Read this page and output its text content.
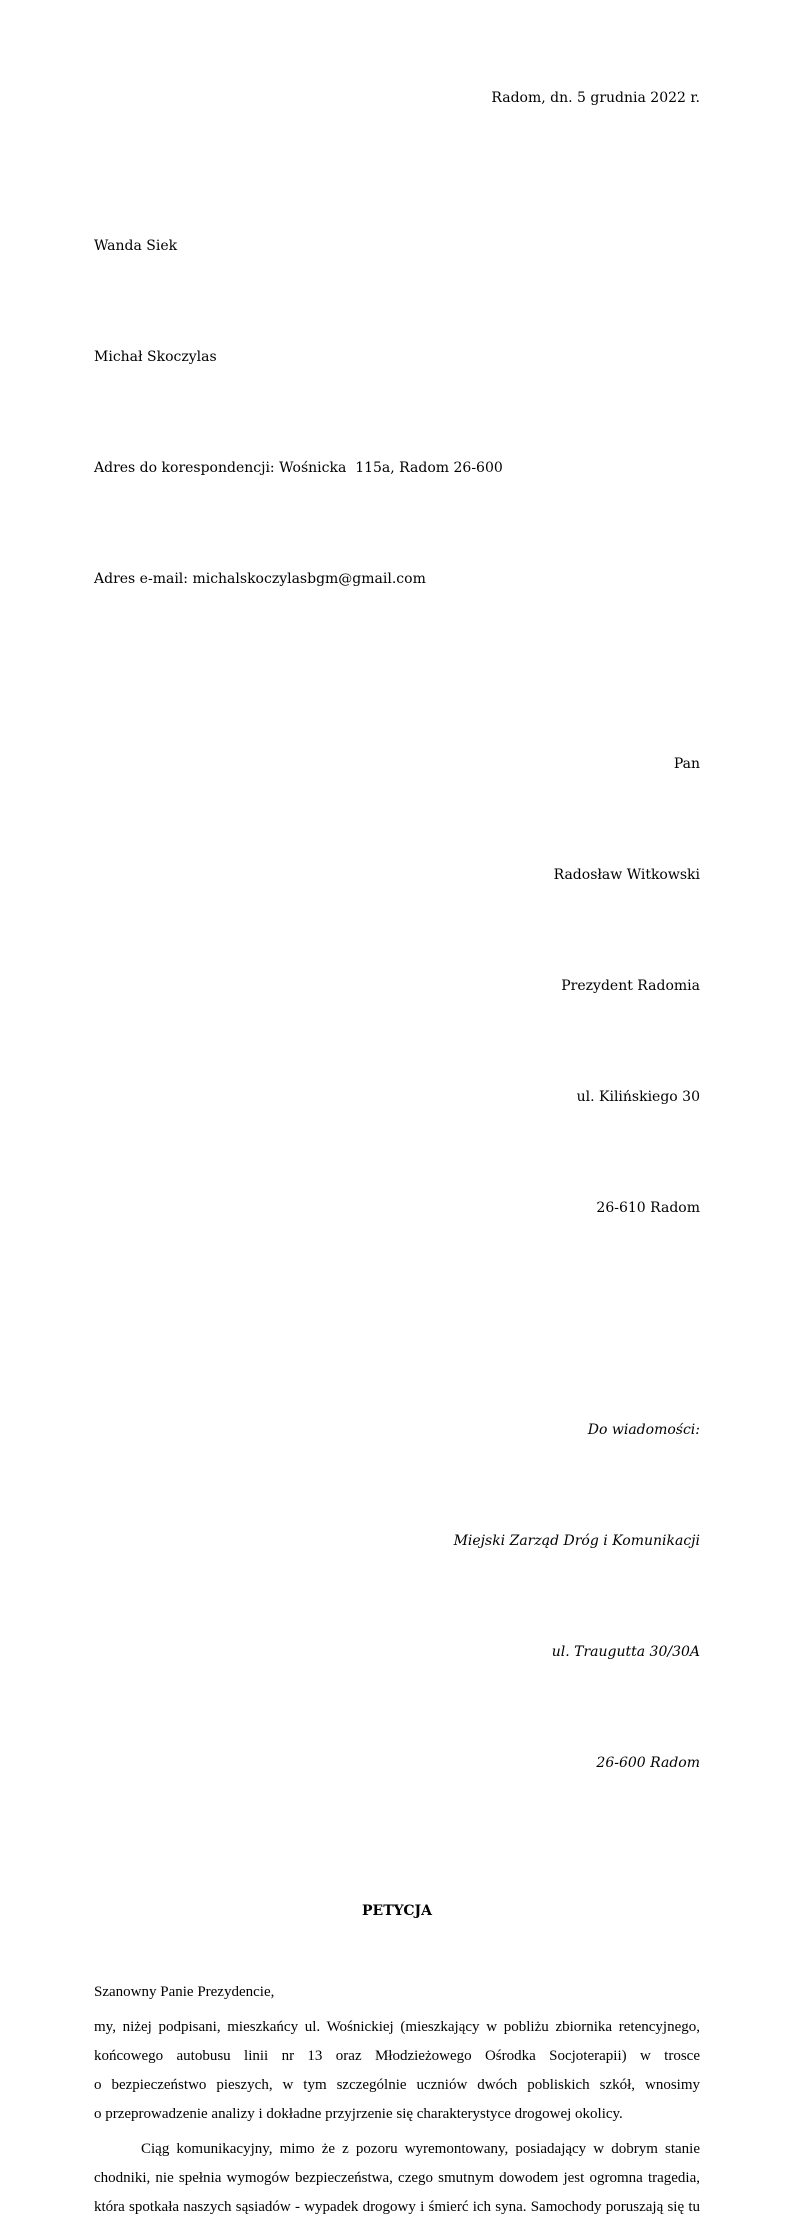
Radom, dn. 5 grudnia 2022 r.

Wanda Siek

Michał Skoczylas

Adres do korespondencji: Wośnicka  115a, Radom 26-600

Adres e-mail: michalskoczylasbgm@gmail.com

Pan

Radosław Witkowski

Prezydent Radomia

ul. Kilińskiego 30

26-610 Radom

Do wiadomości:

Miejski Zarząd Dróg i Komunikacji

ul. Traugutta 30/30A

26-600 Radom

PETYCJA
Szanowny Panie Prezydencie,
my, niżej podpisani, mieszkańcy ul. Wośnickiej (mieszkający w pobliżu zbiornika retencyjnego,
końcowego autobusu linii nr 13 oraz Młodzieżowego Ośrodka Socjoterapii) w trosce
o bezpieczeństwo pieszych, w tym szczególnie uczniów dwóch pobliskich szkół, wnosimy
o przeprowadzenie analizy i dokładne przyjrzenie się charakterystyce drogowej okolicy.
Ciąg komunikacyjny, mimo że z pozoru wyremontowany, posiadający w dobrym stanie
chodniki, nie spełnia wymogów bezpieczeństwa, czego smutnym dowodem jest ogromna tragedia,
która spotkała naszych sąsiadów - wypadek drogowy i śmierć ich syna. Samochody poruszają się tu
